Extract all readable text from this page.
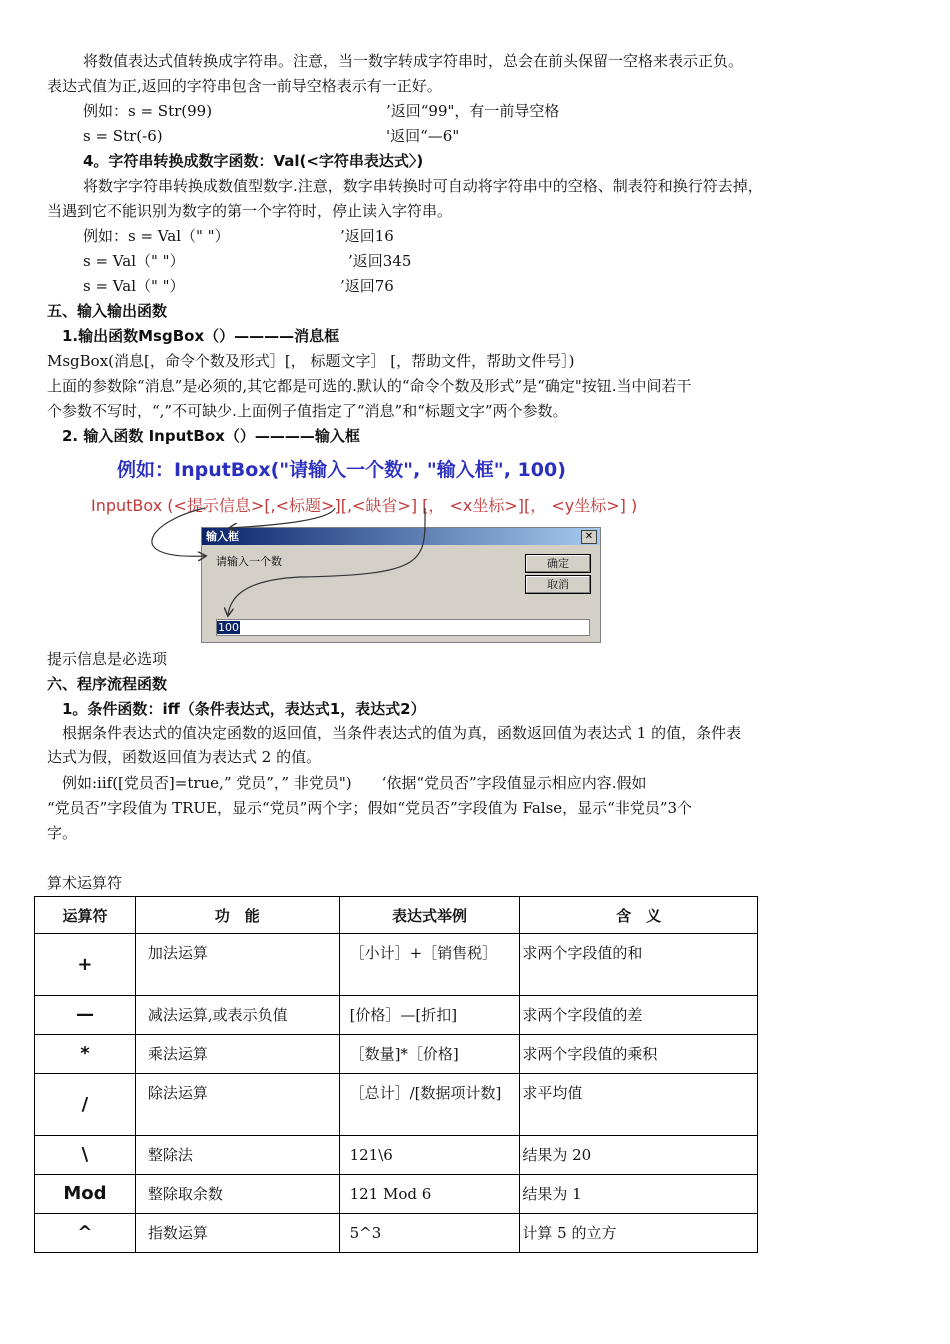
将数值表达式值转换成字符串。注意，当一数字转成字符串时，总会在前头保留一空格来表示正负。
表达式值为正,返回的字符串包含一前导空格表示有一正好。
例如：s = Str(99)	’返回“99"，有一前导空格
s = Str(-6)	'返回“—6"
4。字符串转换成数字函数：Val(<字符串表达式〉)
将数字字符串转换成数值型数字.注意，数字串转换时可自动将字符串中的空格、制表符和换行符去掉，
当遇到它不能识别为数字的第一个字符时，停止读入字符串。
例如：s = Val（" "）	’返回16
s = Val（" "）	’返回345
s = Val（" "）	’返回76
五、输入输出函数
1.输出函数MsgBox（）————消息框
MsgBox(消息[，命令个数及形式］[， 标题文字］ [，帮助文件，帮助文件号］)
上面的参数除“消息”是必须的,其它都是可选的.默认的“命令个数及形式”是“确定"按钮.当中间若干
个参数不写时，“,”不可缺少.上面例子值指定了“消息”和“标题文字”两个参数。
2. 输入函数 InputBox（）————输入框
例如：InputBox("请输入一个数", "输入框", 100)
InputBox (<提示信息>[,<标题>][,<缺省>] [， <x坐标>][， <y坐标>] )
输入框	✕
请输入一个数	确定
取消
100
提示信息是必选项
六、程序流程函数
1。条件函数：iff（条件表达式，表达式1，表达式2）
根据条件表达式的值决定函数的返回值，当条件表达式的值为真，函数返回值为表达式 1 的值，条件表
达式为假，函数返回值为表达式 2 的值。
例如:iif([党员否]=true,” 党员”，” 非党员")　　‘依据“党员否”字段值显示相应内容.假如
“党员否”字段值为 TRUE，显示“党员”两个字；假如“党员否”字段值为 False，显示“非党员”3个
字。
算术运算符
运算符	功　能	表达式举例	含　义
+	加法运算	［小计］+［销售税］	求两个字段值的和
—	减法运算,或表示负值	[价格］—[折扣]	求两个字段值的差
*	乘法运算	［数量]*［价格]	求两个字段值的乘积
/	除法运算	［总计］/[数据项计数]	求平均值
\	整除法	121\6	结果为 20
Mod	整除取余数	121 Mod 6	结果为 1
^	指数运算	5^3	计算 5 的立方
